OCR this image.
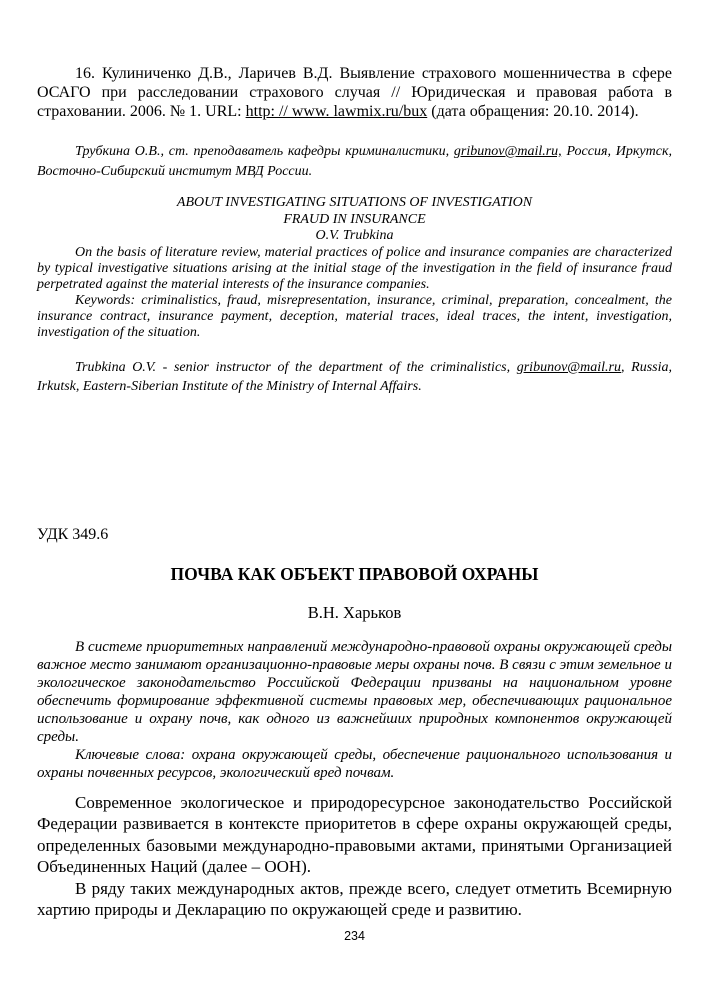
16. Кулиниченко Д.В., Ларичев В.Д. Выявление страхового мошенничества в сфере ОСАГО при расследовании страхового случая // Юридическая и правовая работа в страховании. 2006. № 1. URL: http: // www. lawmix.ru/bux (дата обращения: 20.10. 2014).

Трубкина О.В., ст. преподаватель кафедры криминалистики, gribunov@mail.ru, Россия, Иркутск, Восточно-Сибирский институт МВД России.

ABOUT INVESTIGATING SITUATIONS OF INVESTIGATION
FRAUD IN INSURANCE
O.V. Trubkina

On the basis of literature review, material practices of police and insurance companies are characterized by typical investigative situations arising at the initial stage of the investigation in the field of insurance fraud perpetrated against the material interests of the insurance companies.

Keywords: criminalistics, fraud, misrepresentation, insurance, criminal, preparation, concealment, the insurance contract, insurance payment, deception, material traces, ideal traces, the intent, investigation, investigation of the situation.

Trubkina O.V. - senior instructor of the department of the criminalistics, gribunov@mail.ru, Russia, Irkutsk, Eastern-Siberian Institute of the Ministry of Internal Affairs.

УДК 349.6

ПОЧВА КАК ОБЪЕКТ ПРАВОВОЙ ОХРАНЫ

В.Н. Харьков

В системе приоритетных направлений международно-правовой охраны окружающей среды важное место занимают организационно-правовые меры охраны почв. В связи с этим земельное и экологическое законодательство Российской Федерации призваны на национальном уровне обеспечить формирование эффективной системы правовых мер, обеспечивающих рациональное использование и охрану почв, как одного из важнейших природных компонентов окружающей среды.

Ключевые слова: охрана окружающей среды, обеспечение рационального использования и охраны почвенных ресурсов, экологический вред почвам.

Современное экологическое и природоресурсное законодательство Российской Федерации развивается в контексте приоритетов в сфере охраны окружающей среды, определенных базовыми международно-правовыми актами, принятыми Организацией Объединенных Наций (далее – ООН).

В ряду таких международных актов, прежде всего, следует отметить Всемирную хартию природы и Декларацию по окружающей среде и развитию.

234
